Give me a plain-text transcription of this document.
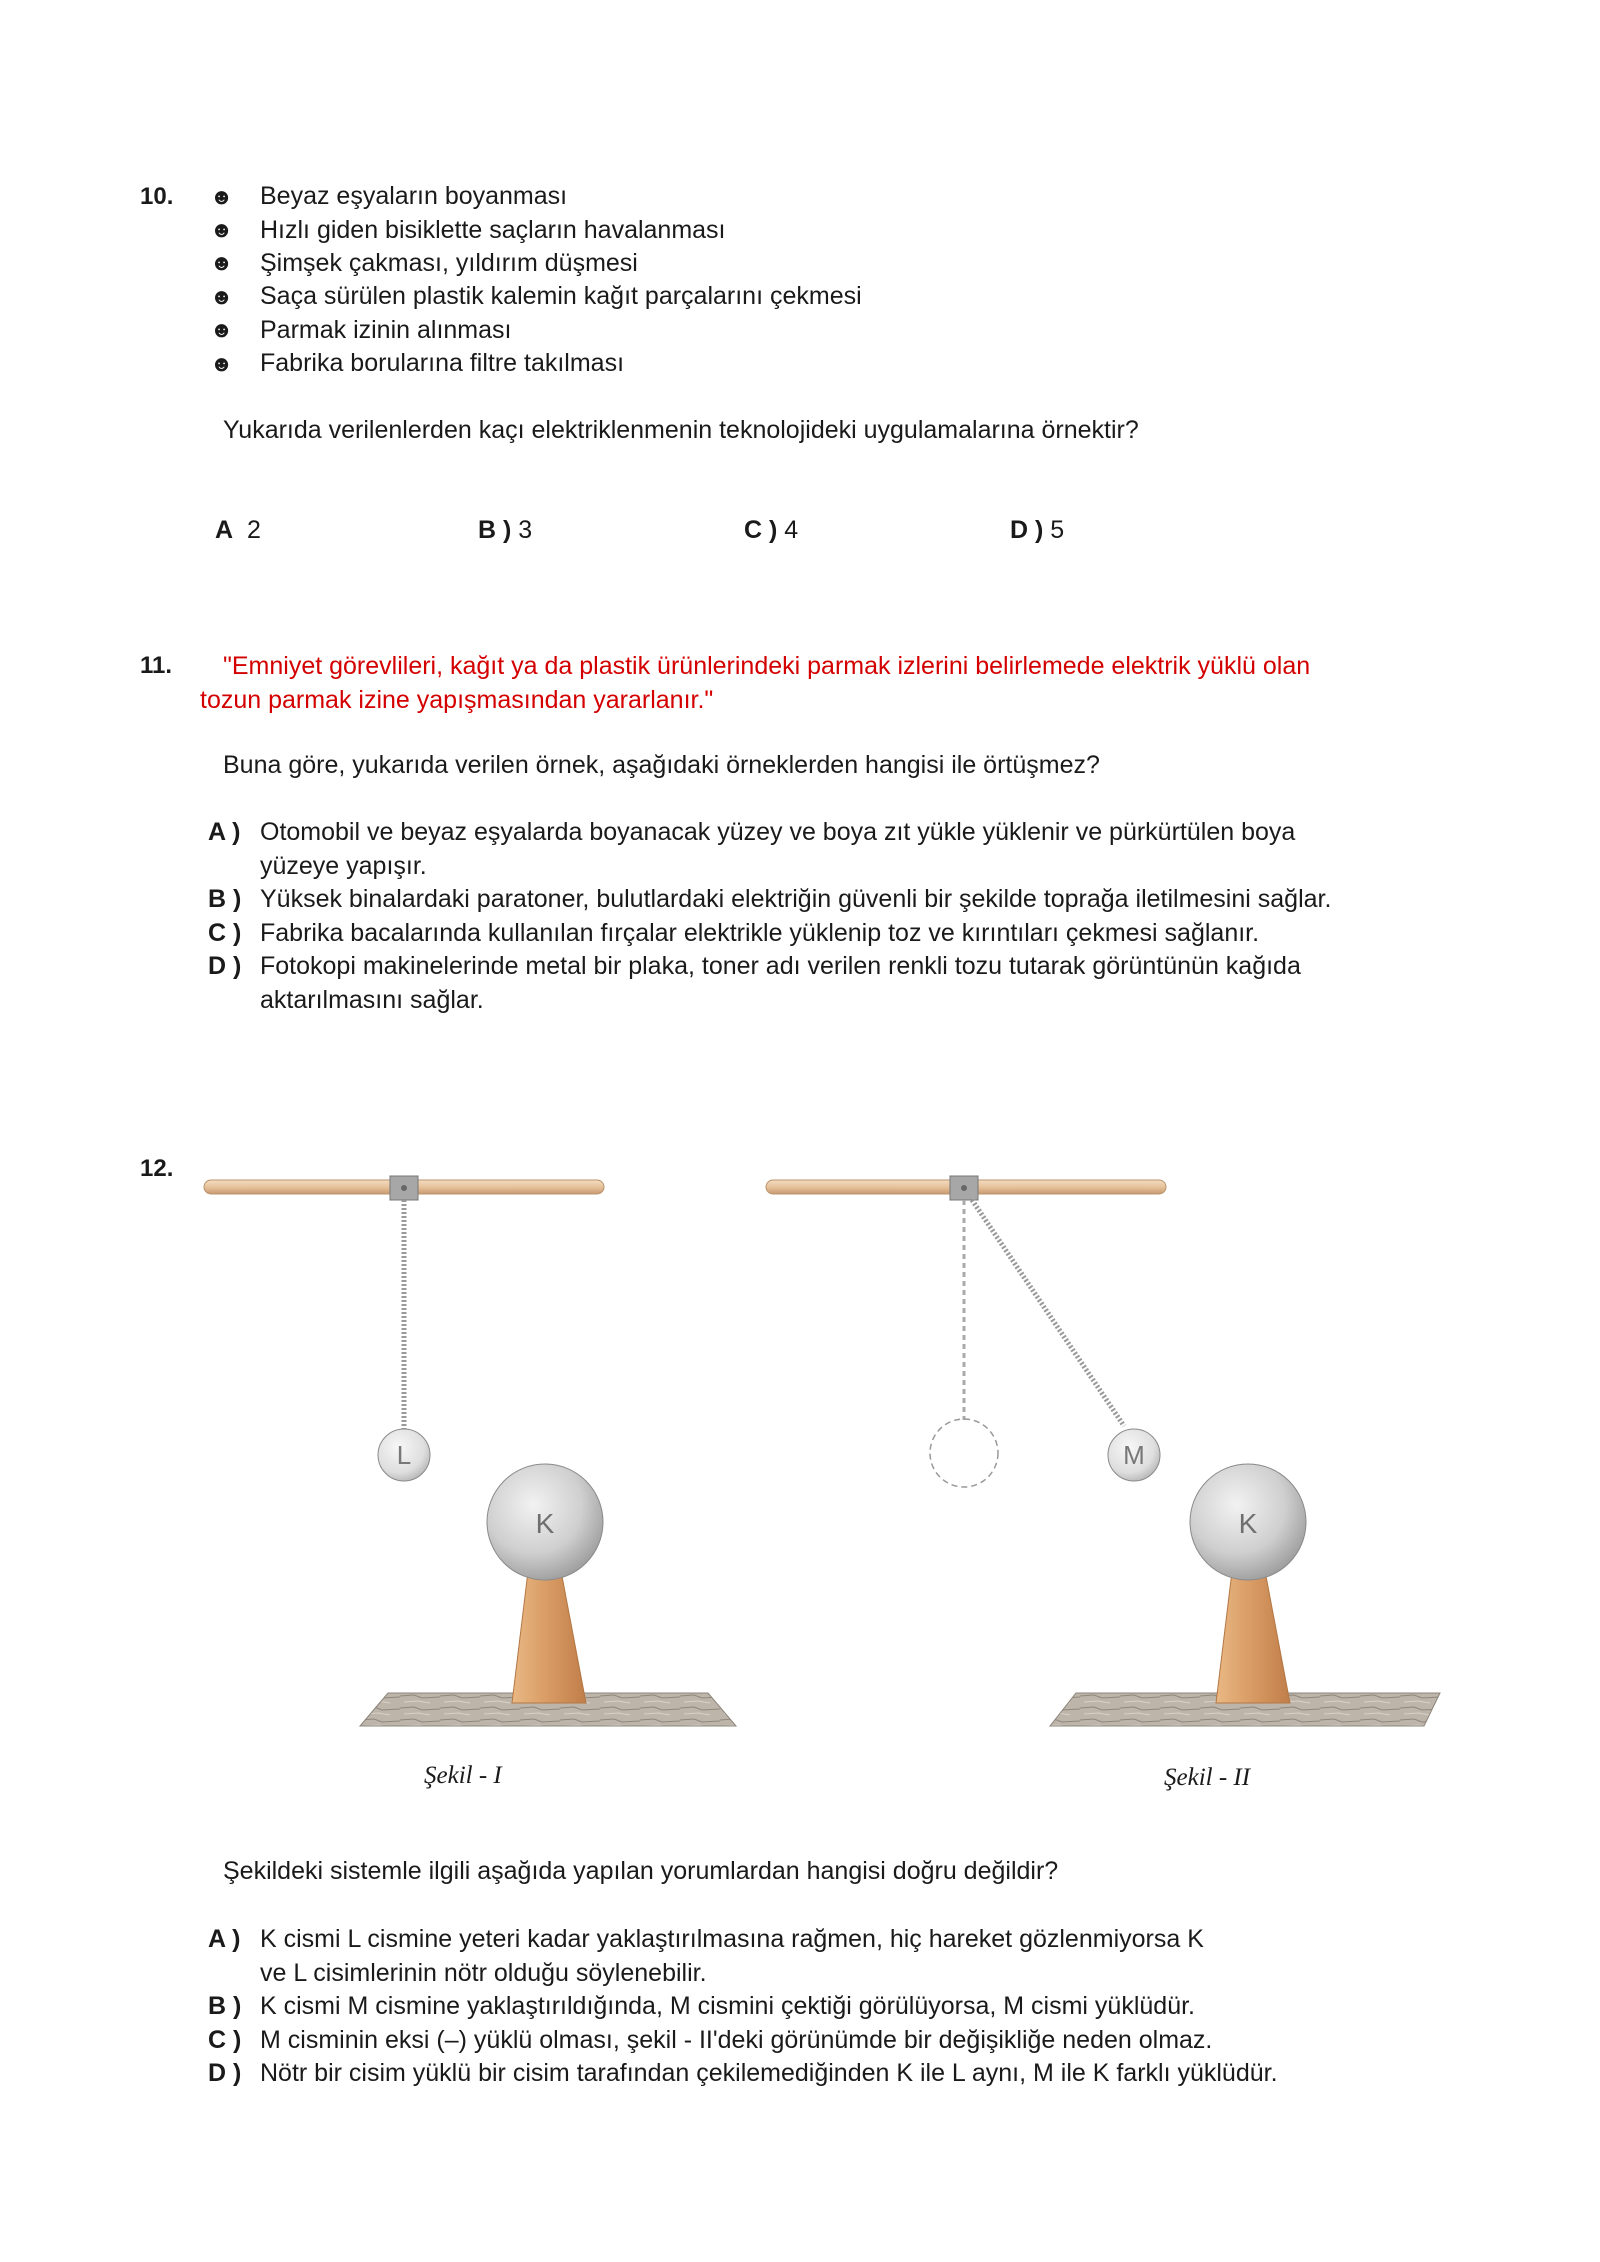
10. ☻	Beyaz eşyaların boyanması
☻	Hızlı giden bisiklette saçların havalanması
☻	Şimşek çakması, yıldırım düşmesi
☻	Saça sürülen plastik kalemin kağıt parçalarını çekmesi
☻	Parmak izinin alınması
☻	Fabrika borularına filtre takılması
Yukarıda verilenlerden kaçı elektriklenmenin teknolojideki uygulamalarına örnektir?
A 2	B ) 3	C ) 4	D ) 5
11. "Emniyet görevlileri, kağıt ya da plastik ürünlerindeki parmak izlerini belirlemede elektrik yüklü olan
tozun parmak izine yapışmasından yararlanır."
Buna göre, yukarıda verilen örnek, aşağıdaki örneklerden hangisi ile örtüşmez?
A ) Otomobil ve beyaz eşyalarda boyanacak yüzey ve boya zıt yükle yüklenir ve pürkürtülen boya
yüzeye yapışır.
B ) Yüksek binalardaki paratoner, bulutlardaki elektriğin güvenli bir şekilde toprağa iletilmesini sağlar.
C ) Fabrika bacalarında kullanılan fırçalar elektrikle yüklenip toz ve kırıntıları çekmesi sağlanır.
D ) Fotokopi makinelerinde metal bir plaka, toner adı verilen renkli tozu tutarak görüntünün kağıda
aktarılmasını sağlar.
12.
L
K
M
K
Şekil - I	Şekil - II
Şekildeki sistemle ilgili aşağıda yapılan yorumlardan hangisi doğru değildir?
A ) K cismi L cismine yeteri kadar yaklaştırılmasına rağmen, hiç hareket gözlenmiyorsa K
ve L cisimlerinin nötr olduğu söylenebilir.
B ) K cismi M cismine yaklaştırıldığında, M cismini çektiği görülüyorsa, M cismi yüklüdür.
C ) M cisminin eksi (–) yüklü olması, şekil - II'deki görünümde bir değişikliğe neden olmaz.
D ) Nötr bir cisim yüklü bir cisim tarafından çekilemediğinden K ile L aynı, M ile K farklı yüklüdür.
